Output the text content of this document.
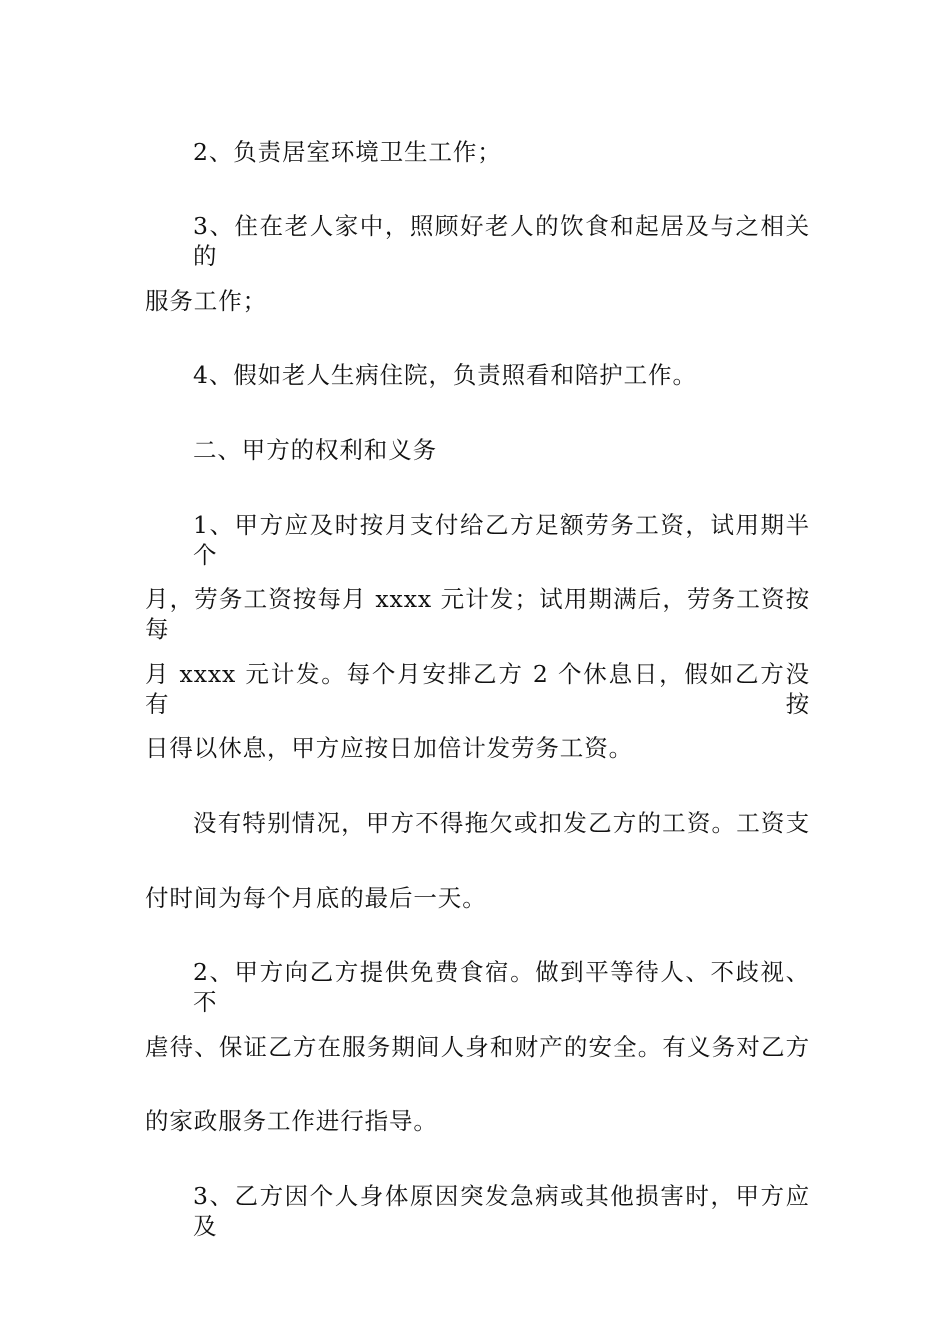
2、负责居室环境卫生工作；
3、住在老人家中，照顾好老人的饮食和起居及与之相关的
服务工作；
4、假如老人生病住院，负责照看和陪护工作。
二、甲方的权利和义务
1、甲方应及时按月支付给乙方足额劳务工资，试用期半个
月，劳务工资按每月 xxxx 元计发；试用期满后，劳务工资按每
月 xxxx 元计发。每个月安排乙方 2 个休息日，假如乙方没有按
日得以休息，甲方应按日加倍计发劳务工资。
没有特别情况，甲方不得拖欠或扣发乙方的工资。工资支
付时间为每个月底的最后一天。
2、甲方向乙方提供免费食宿。做到平等待人、不歧视、不
虐待、保证乙方在服务期间人身和财产的安全。有义务对乙方
的家政服务工作进行指导。
3、乙方因个人身体原因突发急病或其他损害时，甲方应及
